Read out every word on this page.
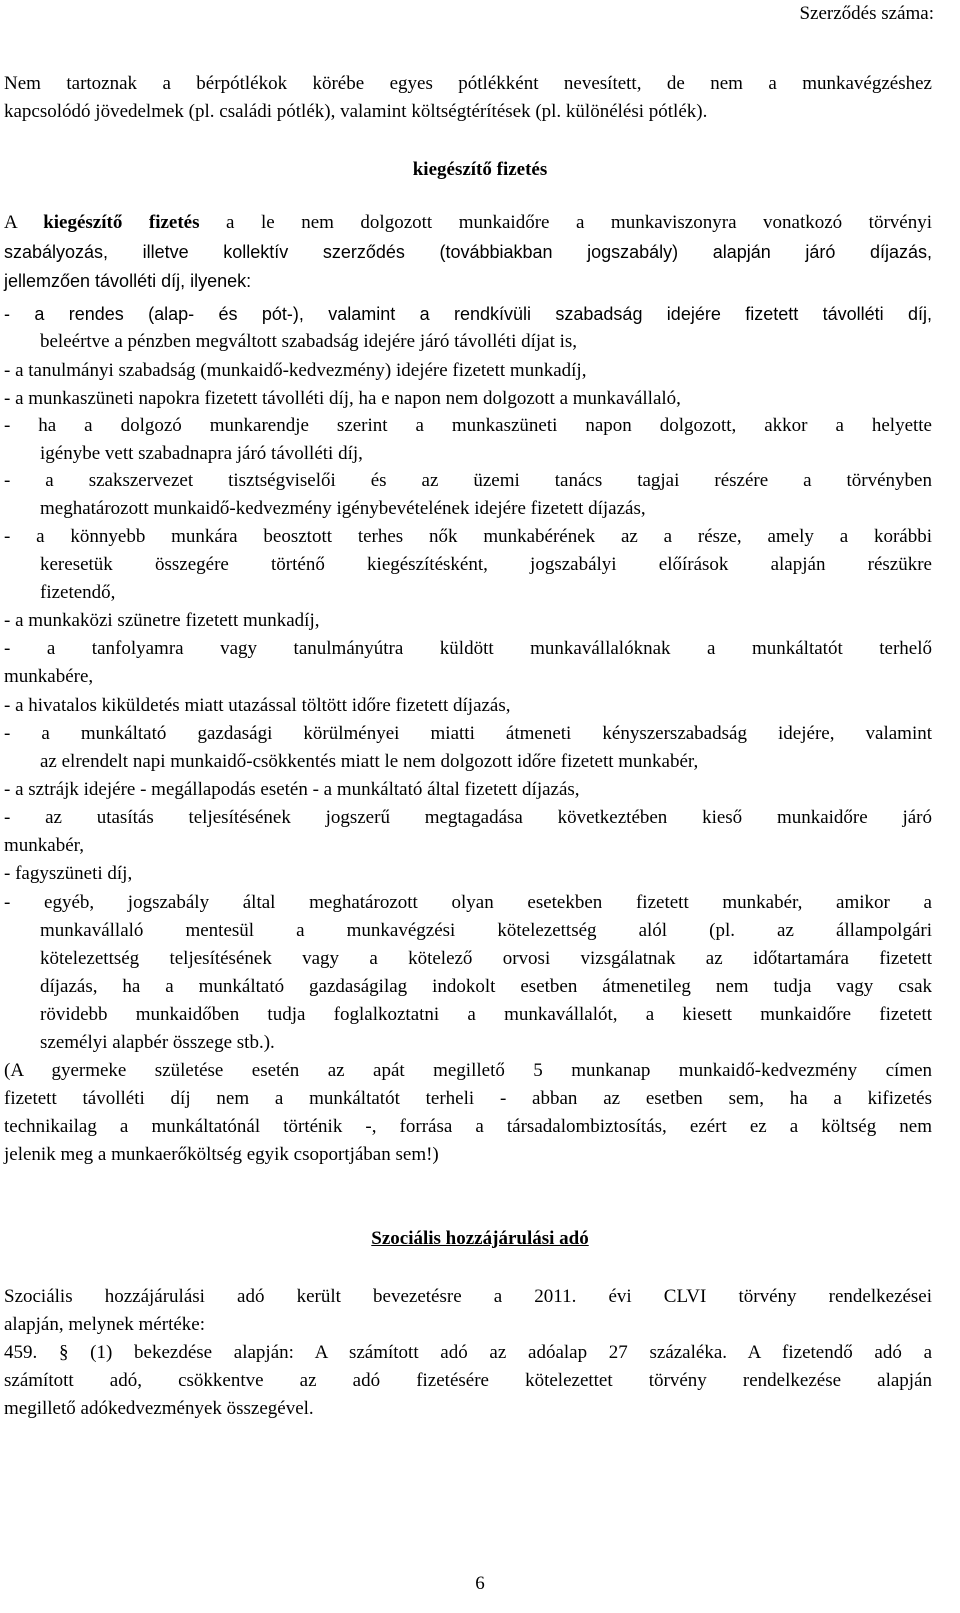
Szerződés száma:
Nem tartoznak a bérpótlékok körébe egyes pótlékként nevesített, de nem a munkavégzéshez
kapcsolódó jövedelmek (pl. családi pótlék), valamint költségtérítések (pl. különélési pótlék).
kiegészítő fizetés
A kiegészítő fizetés a le nem dolgozott munkaidőre a munkaviszonyra vonatkozó törvényi
szabályozás, illetve kollektív szerződés (továbbiakban jogszabály) alapján járó díjazás,
jellemzően távolléti díj, ilyenek:
- a rendes (alap- és pót-), valamint a rendkívüli szabadság idejére fizetett távolléti díj,
beleértve a pénzben megváltott szabadság idejére járó távolléti díjat is,
- a tanulmányi szabadság (munkaidő-kedvezmény) idejére fizetett munkadíj,
- a munkaszüneti napokra fizetett távolléti díj, ha e napon nem dolgozott a munkavállaló,
- ha a dolgozó munkarendje szerint a munkaszüneti napon dolgozott, akkor a helyette
igénybe vett szabadnapra járó távolléti díj,
- a szakszervezet tisztségviselői és az üzemi tanács tagjai részére a törvényben
meghatározott munkaidő-kedvezmény igénybevételének idejére fizetett díjazás,
- a könnyebb munkára beosztott terhes nők munkabérének az a része, amely a korábbi
keresetük összegére történő kiegészítésként, jogszabályi előírások alapján részükre
fizetendő,
- a munkaközi szünetre fizetett munkadíj,
- a tanfolyamra vagy tanulmányútra küldött munkavállalóknak a munkáltatót terhelő
munkabére,
- a hivatalos kiküldetés miatt utazással töltött időre fizetett díjazás,
- a munkáltató gazdasági körülményei miatti átmeneti kényszerszabadság idejére, valamint
az elrendelt napi munkaidő-csökkentés miatt le nem dolgozott időre fizetett munkabér,
- a sztrájk idejére - megállapodás esetén - a munkáltató által fizetett díjazás,
- az utasítás teljesítésének jogszerű megtagadása következtében kieső munkaidőre járó
munkabér,
- fagyszüneti díj,
- egyéb, jogszabály által meghatározott olyan esetekben fizetett munkabér, amikor a
munkavállaló mentesül a munkavégzési kötelezettség alól (pl. az állampolgári
kötelezettség teljesítésének vagy a kötelező orvosi vizsgálatnak az időtartamára fizetett
díjazás, ha a munkáltató gazdaságilag indokolt esetben átmenetileg nem tudja vagy csak
rövidebb munkaidőben tudja foglalkoztatni a munkavállalót, a kiesett munkaidőre fizetett
személyi alapbér összege stb.).
(A gyermeke születése esetén az apát megillető 5 munkanap munkaidő-kedvezmény címen
fizetett távolléti díj nem a munkáltatót terheli - abban az esetben sem, ha a kifizetés
technikailag a munkáltatónál történik -, forrása a társadalombiztosítás, ezért ez a költség nem
jelenik meg a munkaerőköltség egyik csoportjában sem!)
Szociális hozzájárulási adó
Szociális hozzájárulási adó került bevezetésre a 2011. évi CLVI törvény rendelkezései
alapján, melynek mértéke:
459. § (1) bekezdése alapján: A számított adó az adóalap 27 százaléka. A fizetendő adó a
számított adó, csökkentve az adó fizetésére kötelezettet törvény rendelkezése alapján
megillető adókedvezmények összegével.
6
